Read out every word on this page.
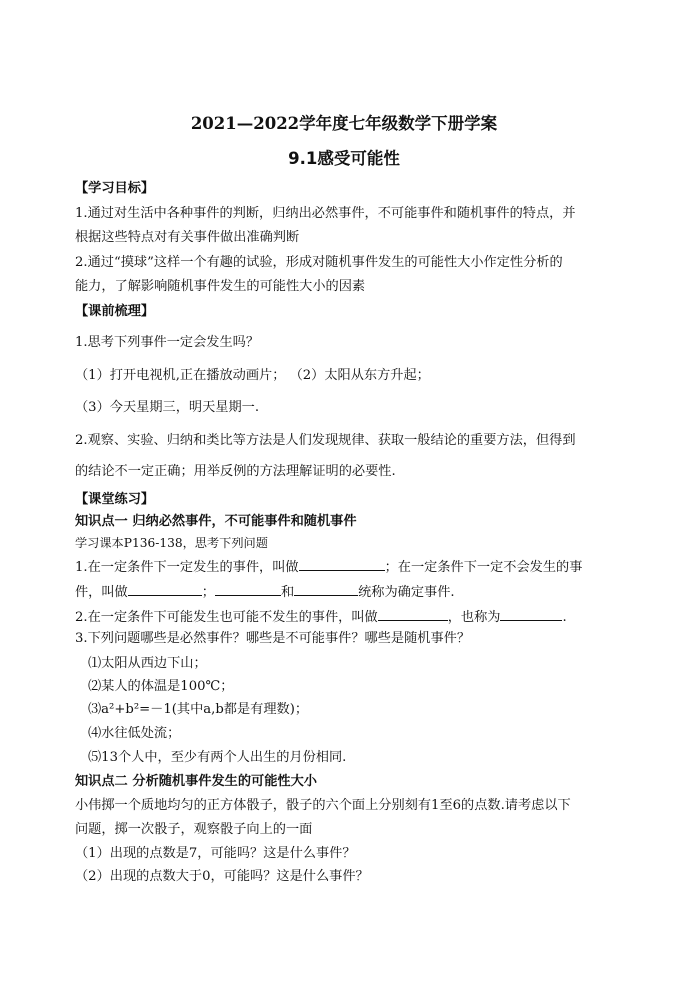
2021—2022学年度七年级数学下册学案
9.1感受可能性
【学习目标】
1.通过对生活中各种事件的判断，归纳出必然事件，不可能事件和随机事件的特点，并
根据这些特点对有关事件做出准确判断
2.通过“摸球”这样一个有趣的试验，形成对随机事件发生的可能性大小作定性分析的
能力，了解影响随机事件发生的可能性大小的因素
【课前梳理】
1.思考下列事件一定会发生吗？
（1）打开电视机,正在播放动画片； （2）太阳从东方升起；
（3）今天星期三，明天星期一.
2.观察、实验、归纳和类比等方法是人们发现规律、获取一般结论的重要方法，但得到
的结论不一定正确；用举反例的方法理解证明的必要性.
【课堂练习】
知识点一 归纳必然事件，不可能事件和随机事件
学习课本P136-138，思考下列问题
1.在一定条件下一定发生的事件，叫做	；在一定条件下一定不会发生的事
件，叫做	；	和	统称为确定事件.
2.在一定条件下可能发生也可能不发生的事件，叫做	，也称为	.
3.下列问题哪些是必然事件？哪些是不可能事件？哪些是随机事件？
⑴太阳从西边下山；
⑵某人的体温是100℃；
⑶a²+b²=－1(其中a,b都是有理数)；
⑷水往低处流；
⑸13个人中，至少有两个人出生的月份相同.
知识点二 分析随机事件发生的可能性大小
小伟掷一个质地均匀的正方体骰子，骰子的六个面上分别刻有1至6的点数.请考虑以下
问题，掷一次骰子，观察骰子向上的一面
（1）出现的点数是7，可能吗？这是什么事件？
（2）出现的点数大于0，可能吗？这是什么事件？
